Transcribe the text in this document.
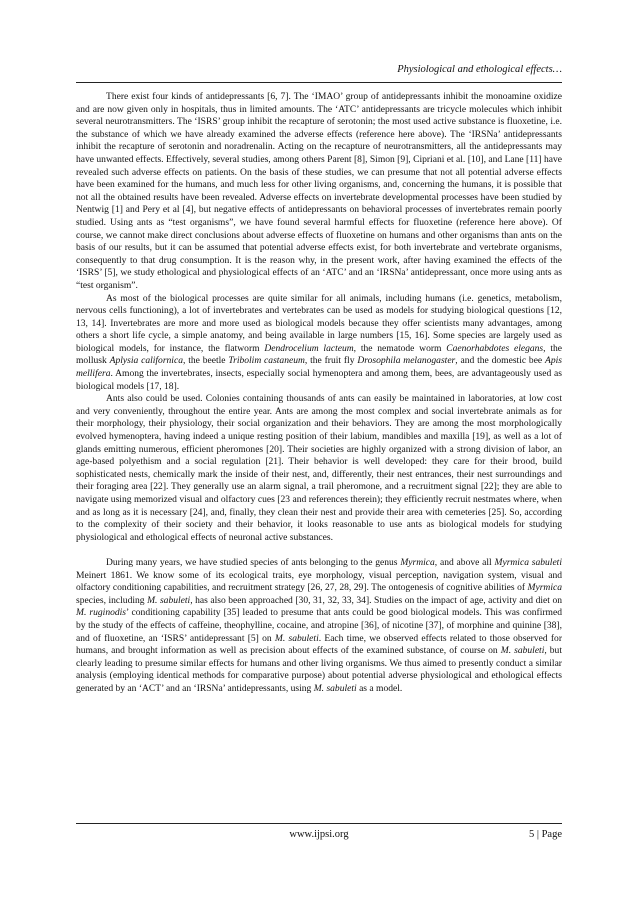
Physiological and ethological effects…

There exist four kinds of antidepressants [6, 7]. The ‘IMAO’ group of antidepressants inhibit the monoamine oxidize and are now given only in hospitals, thus in limited amounts. The ‘ATC’ antidepressants are tricycle molecules which inhibit several neurotransmitters. The ‘ISRS’ group inhibit the recapture of serotonin; the most used active substance is fluoxetine, i.e. the substance of which we have already examined the adverse effects (reference here above). The ‘IRSNa’ antidepressants inhibit the recapture of serotonin and noradrenalin. Acting on the recapture of neurotransmitters, all the antidepressants may have unwanted effects. Effectively, several studies, among others Parent [8], Simon [9], Cipriani et al. [10], and Lane [11] have revealed such adverse effects on patients. On the basis of these studies, we can presume that not all potential adverse effects have been examined for the humans, and much less for other living organisms, and, concerning the humans, it is possible that not all the obtained results have been revealed. Adverse effects on invertebrate developmental processes have been studied by Nentwig [1] and Pery et al [4], but negative effects of antidepressants on behavioral processes of invertebrates remain poorly studied. Using ants as “test organisms”, we have found several harmful effects for fluoxetine (reference here above). Of course, we cannot make direct conclusions about adverse effects of fluoxetine on humans and other organisms than ants on the basis of our results, but it can be assumed that potential adverse effects exist, for both invertebrate and vertebrate organisms, consequently to that drug consumption. It is the reason why, in the present work, after having examined the effects of the ‘ISRS’ [5], we study ethological and physiological effects of an ‘ATC’ and an ‘IRSNa’ antidepressant, once more using ants as “test organism”.

As most of the biological processes are quite similar for all animals, including humans (i.e. genetics, metabolism, nervous cells functioning), a lot of invertebrates and vertebrates can be used as models for studying biological questions [12, 13, 14]. Invertebrates are more and more used as biological models because they offer scientists many advantages, among others a short life cycle, a simple anatomy, and being available in large numbers [15, 16]. Some species are largely used as biological models, for instance, the flatworm Dendrocelium lacteum, the nematode worm Caenorhabdotes elegans, the mollusk Aplysia californica, the beetle Tribolim castaneum, the fruit fly Drosophila melanogaster, and the domestic bee Apis mellifera. Among the invertebrates, insects, especially social hymenoptera and among them, bees, are advantageously used as biological models [17, 18].

Ants also could be used. Colonies containing thousands of ants can easily be maintained in laboratories, at low cost and very conveniently, throughout the entire year. Ants are among the most complex and social invertebrate animals as for their morphology, their physiology, their social organization and their behaviors. They are among the most morphologically evolved hymenoptera, having indeed a unique resting position of their labium, mandibles and maxilla [19], as well as a lot of glands emitting numerous, efficient pheromones [20]. Their societies are highly organized with a strong division of labor, an age-based polyethism and a social regulation [21]. Their behavior is well developed: they care for their brood, build sophisticated nests, chemically mark the inside of their nest, and, differently, their nest entrances, their nest surroundings and their foraging area [22]. They generally use an alarm signal, a trail pheromone, and a recruitment signal [22]; they are able to navigate using memorized visual and olfactory cues [23 and references therein); they efficiently recruit nestmates where, when and as long as it is necessary [24], and, finally, they clean their nest and provide their area with cemeteries [25]. So, according to the complexity of their society and their behavior, it looks reasonable to use ants as biological models for studying physiological and ethological effects of neuronal active substances.

During many years, we have studied species of ants belonging to the genus Myrmica, and above all Myrmica sabuleti Meinert 1861. We know some of its ecological traits, eye morphology, visual perception, navigation system, visual and olfactory conditioning capabilities, and recruitment strategy [26, 27, 28, 29]. The ontogenesis of cognitive abilities of Myrmica species, including M. sabuleti, has also been approached [30, 31, 32, 33, 34]. Studies on the impact of age, activity and diet on M. ruginodis’ conditioning capability [35] leaded to presume that ants could be good biological models. This was confirmed by the study of the effects of caffeine, theophylline, cocaine, and atropine [36], of nicotine [37], of morphine and quinine [38], and of fluoxetine, an ‘ISRS’ antidepressant [5] on M. sabuleti. Each time, we observed effects related to those observed for humans, and brought information as well as precision about effects of the examined substance, of course on M. sabuleti, but clearly leading to presume similar effects for humans and other living organisms. We thus aimed to presently conduct a similar analysis (employing identical methods for comparative purpose) about potential adverse physiological and ethological effects generated by an ‘ACT’ and an ‘IRSNa’ antidepressants, using M. sabuleti as a model.

www.ijpsi.org	5 | Page
